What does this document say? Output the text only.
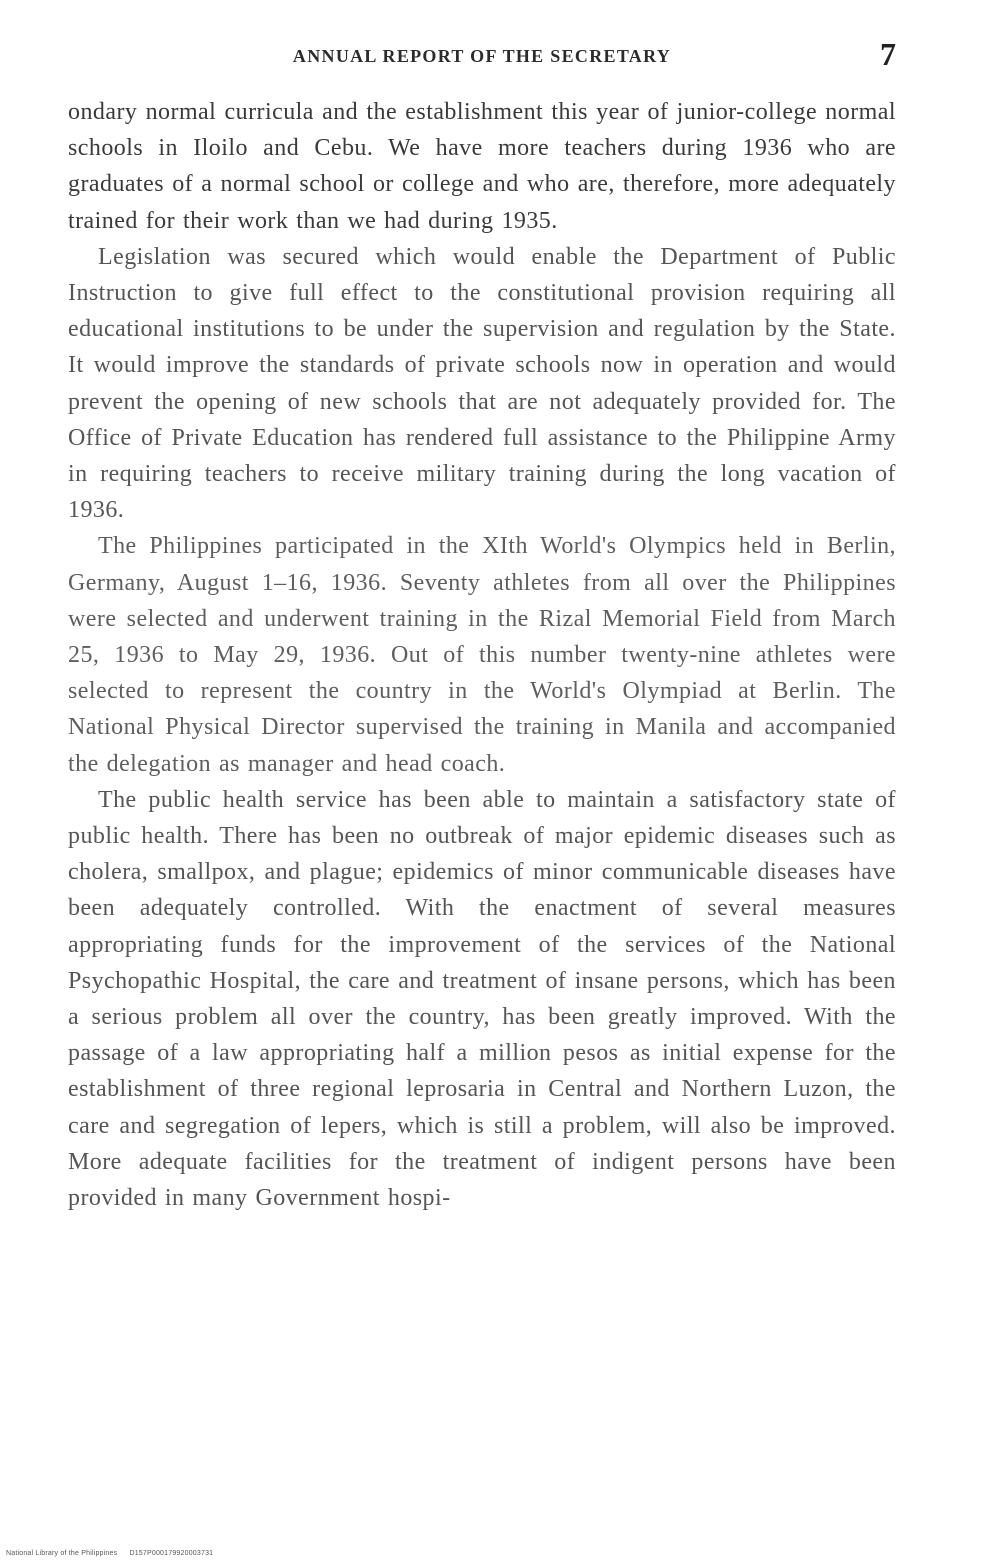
ANNUAL REPORT OF THE SECRETARY	7

ondary normal curricula and the establishment this year of junior-college normal schools in Iloilo and Cebu. We have more teachers during 1936 who are graduates of a normal school or college and who are, therefore, more adequately trained for their work than we had during 1935.

Legislation was secured which would enable the Department of Public Instruction to give full effect to the constitutional provision requiring all educational institutions to be under the supervision and regulation by the State. It would improve the standards of private schools now in operation and would prevent the opening of new schools that are not adequately provided for. The Office of Private Education has rendered full assistance to the Philippine Army in requiring teachers to receive military training during the long vacation of 1936.

The Philippines participated in the XIth World's Olympics held in Berlin, Germany, August 1–16, 1936. Seventy athletes from all over the Philippines were selected and underwent training in the Rizal Memorial Field from March 25, 1936 to May 29, 1936. Out of this number twenty-nine athletes were selected to represent the country in the World's Olympiad at Berlin. The National Physical Director supervised the training in Manila and accompanied the delegation as manager and head coach.

The public health service has been able to maintain a satisfactory state of public health. There has been no outbreak of major epidemic diseases such as cholera, smallpox, and plague; epidemics of minor communicable diseases have been adequately controlled. With the enactment of several measures appropriating funds for the improvement of the services of the National Psychopathic Hospital, the care and treatment of insane persons, which has been a serious problem all over the country, has been greatly improved. With the passage of a law appropriating half a million pesos as initial expense for the establishment of three regional leprosaria in Central and Northern Luzon, the care and segregation of lepers, which is still a problem, will also be improved. More adequate facilities for the treatment of indigent persons have been provided in many Government hospi-

National Library of the Philippines D157P000179920003731
